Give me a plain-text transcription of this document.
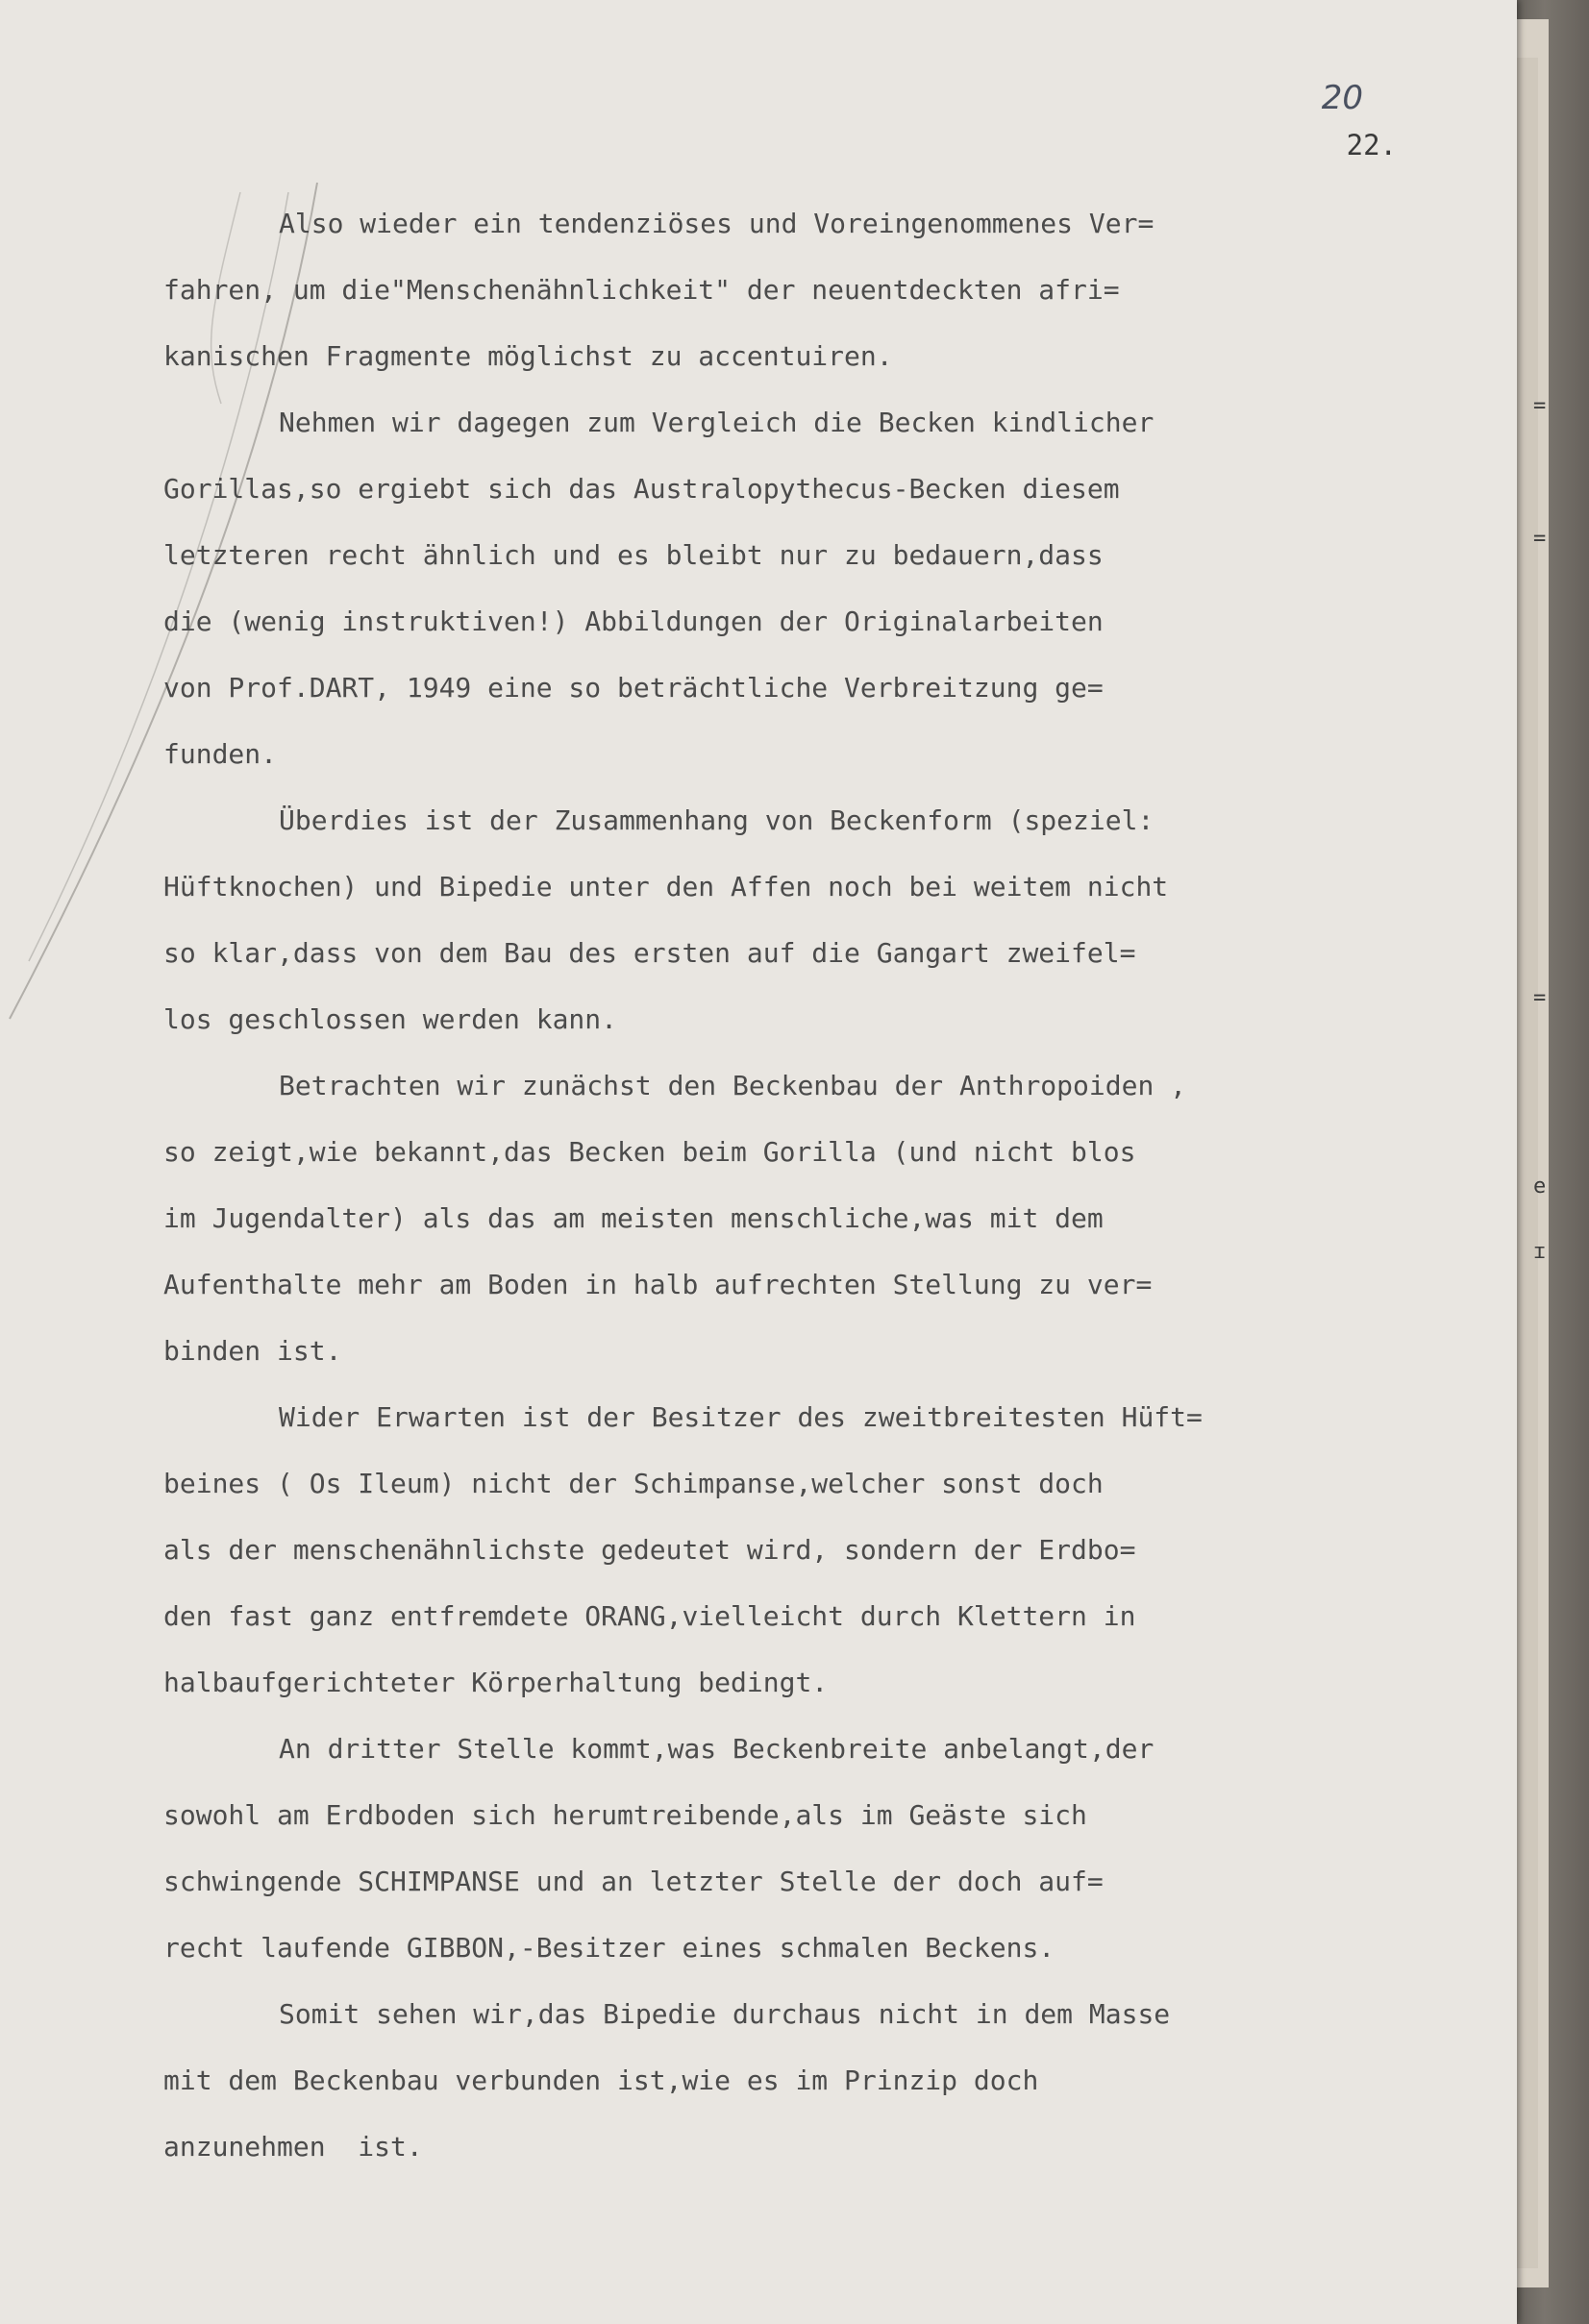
20
22.
Also wieder ein tendenziöses und Voreingenommenes Ver=
fahren, um die"Menschenähnlichkeit" der neuentdeckten afri=
kanischen Fragmente möglichst zu accentuiren.
Nehmen wir dagegen zum Vergleich die Becken kindlicher
Gorillas,so ergiebt sich das Australopythecus-Becken diesem
letzteren recht ähnlich und es bleibt nur zu bedauern,dass
die (wenig instruktiven!) Abbildungen der Originalarbeiten
von Prof.DART, 1949 eine so beträchtliche Verbreitzung ge=
funden.
Überdies ist der Zusammenhang von Beckenform (speziel:
Hüftknochen) und Bipedie unter den Affen noch bei weitem nicht
so klar,dass von dem Bau des ersten auf die Gangart zweifel=
los geschlossen werden kann.
Betrachten wir zunächst den Beckenbau der Anthropoiden ,
so zeigt,wie bekannt,das Becken beim Gorilla (und nicht blos
im Jugendalter) als das am meisten menschliche,was mit dem
Aufenthalte mehr am Boden in halb aufrechten Stellung zu ver=
binden ist.
Wider Erwarten ist der Besitzer des zweitbreitesten Hüft=
beines ( Os Ileum) nicht der Schimpanse,welcher sonst doch
als der menschenähnlichste gedeutet wird, sondern der Erdbo=
den fast ganz entfremdete ORANG,vielleicht durch Klettern in
halbaufgerichteter Körperhaltung bedingt.
An dritter Stelle kommt,was Beckenbreite anbelangt,der
sowohl am Erdboden sich herumtreibende,als im Geäste sich
schwingende SCHIMPANSE und an letzter Stelle der doch auf=
recht laufende GIBBON,-Besitzer eines schmalen Beckens.
Somit sehen wir,das Bipedie durchaus nicht in dem Masse
mit dem Beckenbau verbunden ist,wie es im Prinzip doch
anzunehmen  ist.
=
=
=
e
ɪ
